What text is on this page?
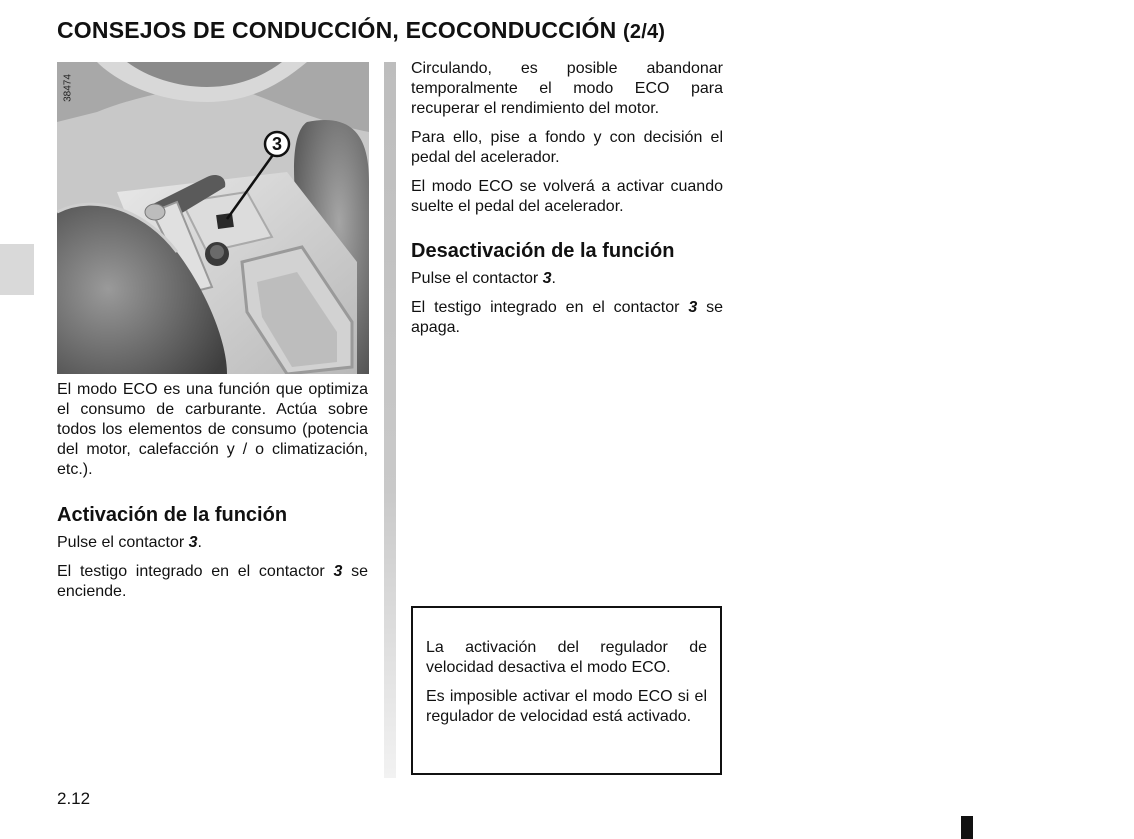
CONSEJOS DE CONDUCCIÓN, ECOCONDUCCIÓN (2/4)
3
38474

El modo ECO es una función que optimiza el consumo de carburante. Actúa sobre todos los elementos de consumo (potencia del motor, calefacción y / o climatización, etc.).

Activación de la función

Pulse el contactor 3.

El testigo integrado en el contactor 3 se enciende.

Circulando, es posible abandonar temporalmente el modo ECO para recuperar el rendimiento del motor.

Para ello, pise a fondo y con decisión el pedal del acelerador.

El modo ECO se volverá a activar cuando suelte el pedal del acelerador.

Desactivación de la función

Pulse el contactor 3.

El testigo integrado en el contactor 3 se apaga.

La activación del regulador de velocidad desactiva el modo ECO.

Es imposible activar el modo ECO si el regulador de velocidad está activado.

2.12
